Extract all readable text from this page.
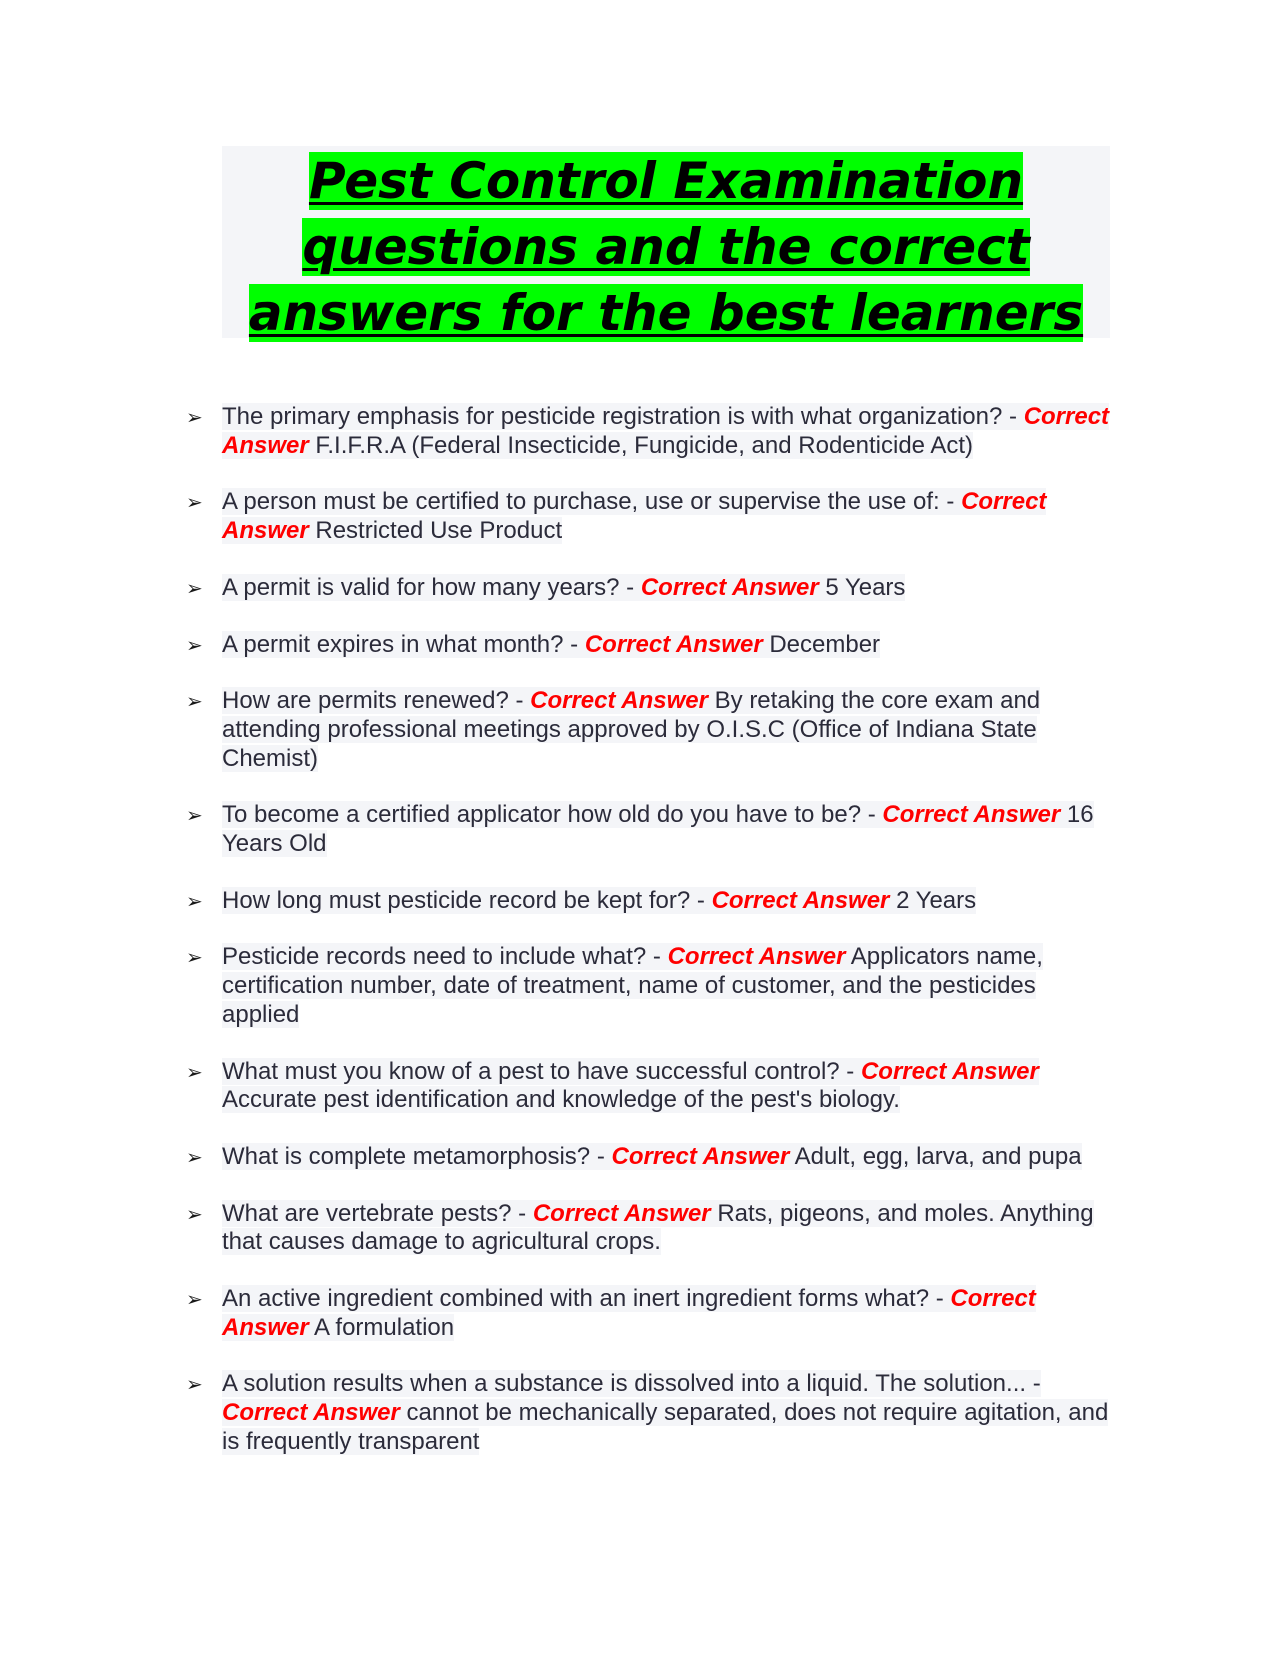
Pest Control Examination
questions and the correct
answers for the best learners
➢ The primary emphasis for pesticide registration is with what organization? - Correct Answer F.I.F.R.A (Federal Insecticide, Fungicide, and Rodenticide Act)
➢ A person must be certified to purchase, use or supervise the use of: - Correct Answer Restricted Use Product
➢ A permit is valid for how many years? - Correct Answer 5 Years
➢ A permit expires in what month? - Correct Answer December
➢ How are permits renewed? - Correct Answer By retaking the core exam and attending professional meetings approved by O.I.S.C (Office of Indiana State Chemist)
➢ To become a certified applicator how old do you have to be? - Correct Answer 16 Years Old
➢ How long must pesticide record be kept for? - Correct Answer 2 Years
➢ Pesticide records need to include what? - Correct Answer Applicators name, certification number, date of treatment, name of customer, and the pesticides applied
➢ What must you know of a pest to have successful control? - Correct Answer Accurate pest identification and knowledge of the pest's biology.
➢ What is complete metamorphosis? - Correct Answer Adult, egg, larva, and pupa
➢ What are vertebrate pests? - Correct Answer Rats, pigeons, and moles. Anything that causes damage to agricultural crops.
➢ An active ingredient combined with an inert ingredient forms what? - Correct Answer A formulation
➢ A solution results when a substance is dissolved into a liquid. The solution... - Correct Answer cannot be mechanically separated, does not require agitation, and is frequently transparent
